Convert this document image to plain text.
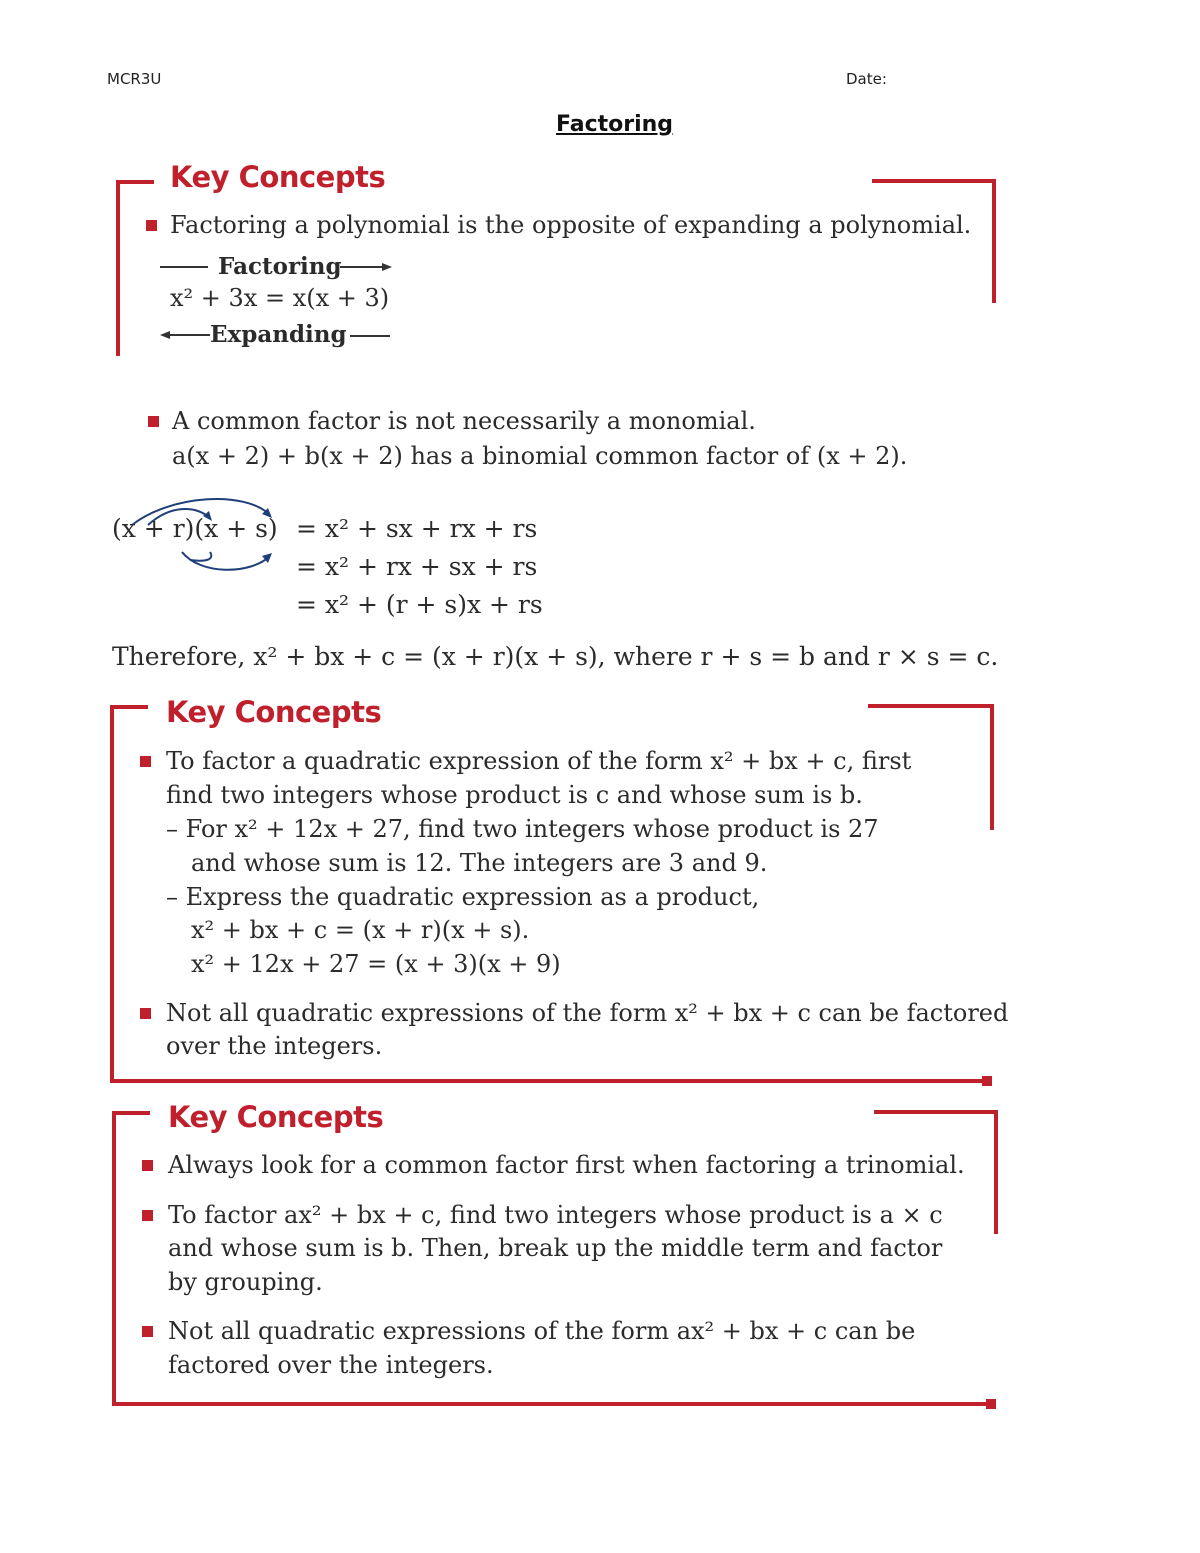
MCR3U	Date:
Factoring
Key Concepts
Factoring a polynomial is the opposite of expanding a polynomial.
Factoring
x² + 3x = x(x + 3)
Expanding
A common factor is not necessarily a monomial.
a(x + 2) + b(x + 2) has a binomial common factor of (x + 2).
(x + r)(x + s) = x² + sx + rx + rs
= x² + rx + sx + rs
= x² + (r + s)x + rs
Therefore, x² + bx + c = (x + r)(x + s), where r + s = b and r × s = c.
Key Concepts
To factor a quadratic expression of the form x² + bx + c, first
find two integers whose product is c and whose sum is b.
– For x² + 12x + 27, find two integers whose product is 27
and whose sum is 12. The integers are 3 and 9.
– Express the quadratic expression as a product,
x² + bx + c = (x + r)(x + s).
x² + 12x + 27 = (x + 3)(x + 9)
Not all quadratic expressions of the form x² + bx + c can be factored
over the integers.
Key Concepts
Always look for a common factor first when factoring a trinomial.
To factor ax² + bx + c, find two integers whose product is a × c
and whose sum is b. Then, break up the middle term and factor
by grouping.
Not all quadratic expressions of the form ax² + bx + c can be
factored over the integers.
